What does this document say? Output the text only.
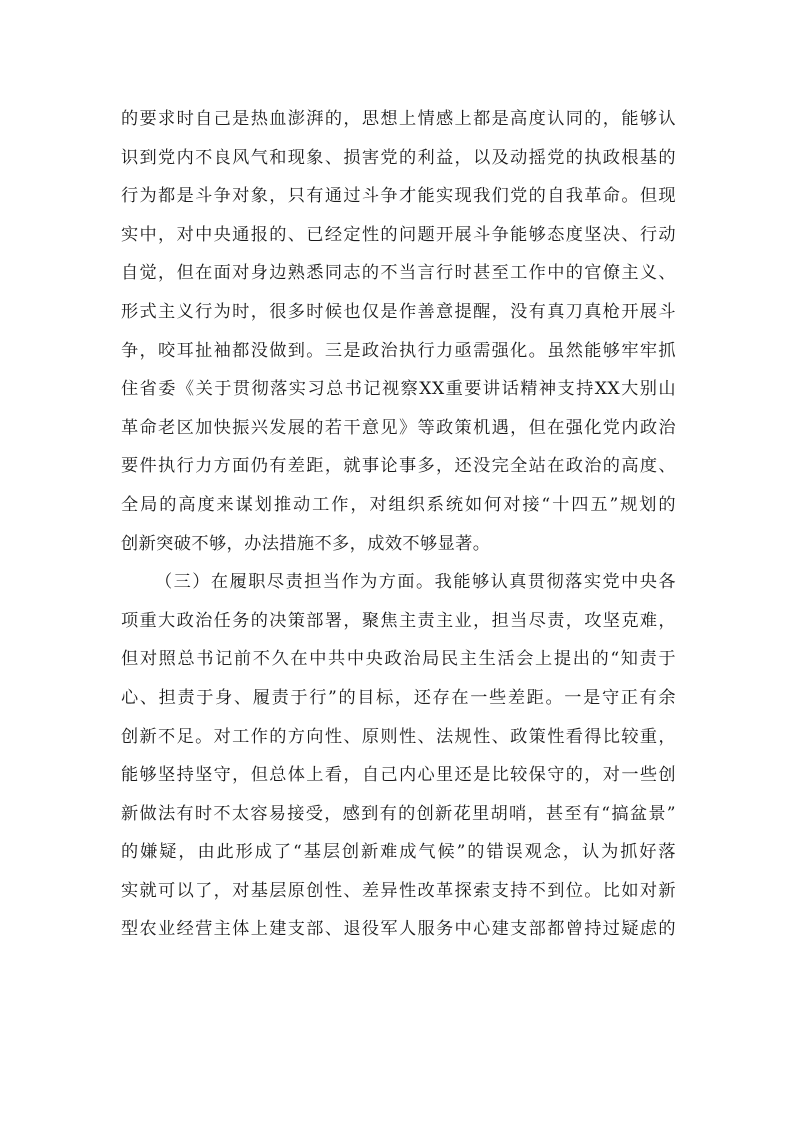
的要求时自己是热血澎湃的，思想上情感上都是高度认同的，能够认
识到党内不良风气和现象、损害党的利益，以及动摇党的执政根基的
行为都是斗争对象，只有通过斗争才能实现我们党的自我革命。但现
实中，对中央通报的、已经定性的问题开展斗争能够态度坚决、行动
自觉，但在面对身边熟悉同志的不当言行时甚至工作中的官僚主义、
形式主义行为时，很多时候也仅是作善意提醒，没有真刀真枪开展斗
争，咬耳扯袖都没做到。三是政治执行力亟需强化。虽然能够牢牢抓
住省委《关于贯彻落实习总书记视察XX重要讲话精神支持XX大别山
革命老区加快振兴发展的若干意见》等政策机遇，但在强化党内政治
要件执行力方面仍有差距，就事论事多，还没完全站在政治的高度、
全局的高度来谋划推动工作，对组织系统如何对接“十四五”规划的
创新突破不够，办法措施不多，成效不够显著。
（三）在履职尽责担当作为方面。我能够认真贯彻落实党中央各
项重大政治任务的决策部署，聚焦主责主业，担当尽责，攻坚克难，
但对照总书记前不久在中共中央政治局民主生活会上提出的“知责于
心、担责于身、履责于行”的目标，还存在一些差距。一是守正有余
创新不足。对工作的方向性、原则性、法规性、政策性看得比较重，
能够坚持坚守，但总体上看，自己内心里还是比较保守的，对一些创
新做法有时不太容易接受，感到有的创新花里胡哨，甚至有“搞盆景”
的嫌疑，由此形成了“基层创新难成气候”的错误观念，认为抓好落
实就可以了，对基层原创性、差异性改革探索支持不到位。比如对新
型农业经营主体上建支部、退役军人服务中心建支部都曾持过疑虑的
